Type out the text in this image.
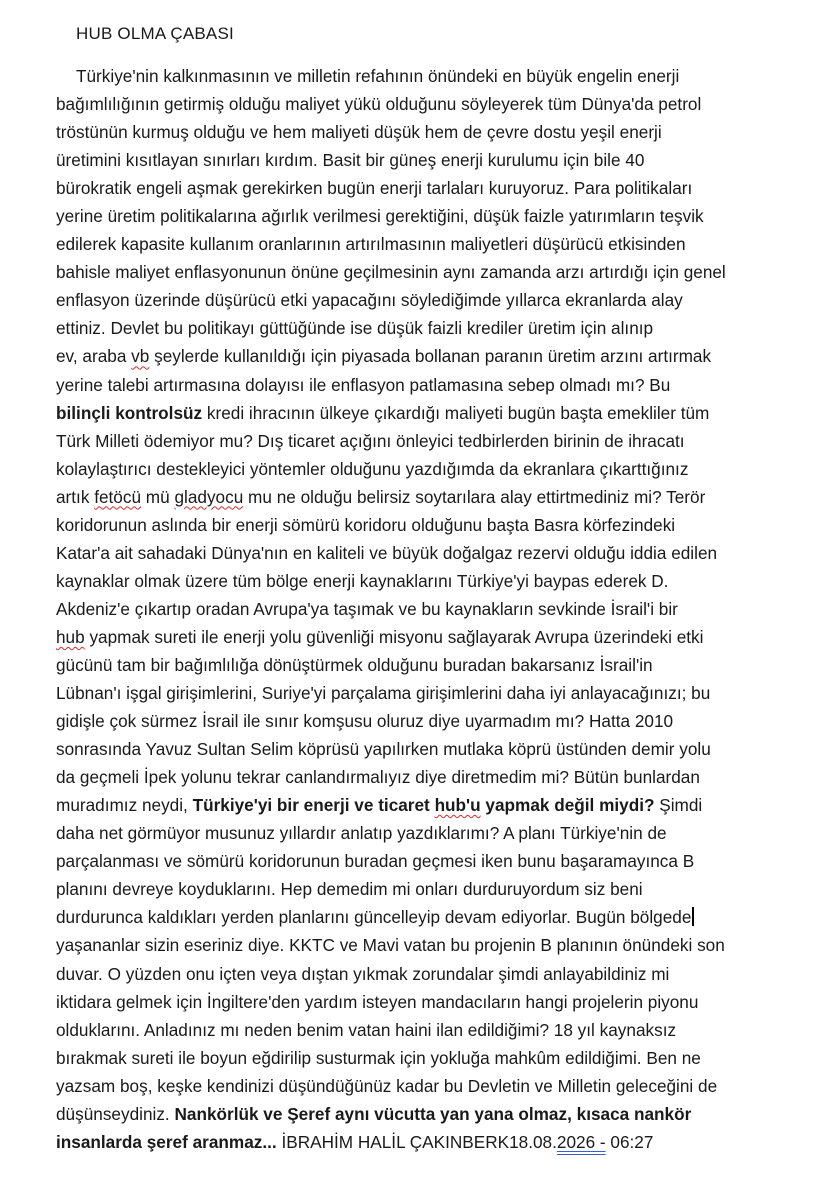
HUB OLMA ÇABASI
Türkiye'nin kalkınmasının ve milletin refahının önündeki en büyük engelin enerji
bağımlılığının getirmiş olduğu maliyet yükü olduğunu söyleyerek tüm Dünya'da petrol
tröstünün kurmuş olduğu ve hem maliyeti düşük hem de çevre dostu yeşil enerji
üretimini kısıtlayan sınırları kırdım. Basit bir güneş enerji kurulumu için bile 40
bürokratik engeli aşmak gerekirken bugün enerji tarlaları kuruyoruz. Para politikaları
yerine üretim politikalarına ağırlık verilmesi gerektiğini, düşük faizle yatırımların teşvik
edilerek kapasite kullanım oranlarının artırılmasının maliyetleri düşürücü etkisinden
bahisle maliyet enflasyonunun önüne geçilmesinin aynı zamanda arzı artırdığı için genel
enflasyon üzerinde düşürücü etki yapacağını söylediğimde yıllarca ekranlarda alay
ettiniz. Devlet bu politikayı güttüğünde ise düşük faizli krediler üretim için alınıp
ev, araba vb şeylerde kullanıldığı için piyasada bollanan paranın üretim arzını artırmak
yerine talebi artırmasına dolayısı ile enflasyon patlamasına sebep olmadı mı? Bu
bilinçli kontrolsüz kredi ihracının ülkeye çıkardığı maliyeti bugün başta emekliler tüm
Türk Milleti ödemiyor mu? Dış ticaret açığını önleyici tedbirlerden birinin de ihracatı
kolaylaştırıcı destekleyici yöntemler olduğunu yazdığımda da ekranlara çıkarttığınız
artık fetöcü mü gladyocu mu ne olduğu belirsiz soytarılara alay ettirtmediniz mi? Terör
koridorunun aslında bir enerji sömürü koridoru olduğunu başta Basra körfezindeki
Katar'a ait sahadaki Dünya'nın en kaliteli ve büyük doğalgaz rezervi olduğu iddia edilen
kaynaklar olmak üzere tüm bölge enerji kaynaklarını Türkiye'yi baypas ederek D.
Akdeniz'e çıkartıp oradan Avrupa'ya taşımak ve bu kaynakların sevkinde İsrail'i bir
hub yapmak sureti ile enerji yolu güvenliği misyonu sağlayarak Avrupa üzerindeki etki
gücünü tam bir bağımlılığa dönüştürmek olduğunu buradan bakarsanız İsrail'in
Lübnan'ı işgal girişimlerini, Suriye'yi parçalama girişimlerini daha iyi anlayacağınızı; bu
gidişle çok sürmez İsrail ile sınır komşusu oluruz diye uyarmadım mı? Hatta 2010
sonrasında Yavuz Sultan Selim köprüsü yapılırken mutlaka köprü üstünden demir yolu
da geçmeli İpek yolunu tekrar canlandırmalıyız diye diretmedim mi? Bütün bunlardan
muradımız neydi, Türkiye'yi bir enerji ve ticaret hub'u yapmak değil miydi? Şimdi
daha net görmüyor musunuz yıllardır anlatıp yazdıklarımı? A planı Türkiye'nin de
parçalanması ve sömürü koridorunun buradan geçmesi iken bunu başaramayınca B
planını devreye koyduklarını. Hep demedim mi onları durduruyordum siz beni
durdurunca kaldıkları yerden planlarını güncelleyip devam ediyorlar. Bugün bölgede
yaşananlar sizin eseriniz diye. KKTC ve Mavi vatan bu projenin B planının önündeki son
duvar. O yüzden onu içten veya dıştan yıkmak zorundalar şimdi anlayabildiniz mi
iktidara gelmek için İngiltere'den yardım isteyen mandacıların hangi projelerin piyonu
olduklarını. Anladınız mı neden benim vatan haini ilan edildiğimi? 18 yıl kaynaksız
bırakmak sureti ile boyun eğdirilip susturmak için yokluğa mahkûm edildiğimi. Ben ne
yazsam boş, keşke kendinizi düşündüğünüz kadar bu Devletin ve Milletin geleceğini de
düşünseydiniz. Nankörlük ve Şeref aynı vücutta yan yana olmaz, kısaca nankör
insanlarda şeref aranmaz... İBRAHİM HALİL ÇAKINBERK18.08.2026 - 06:27
